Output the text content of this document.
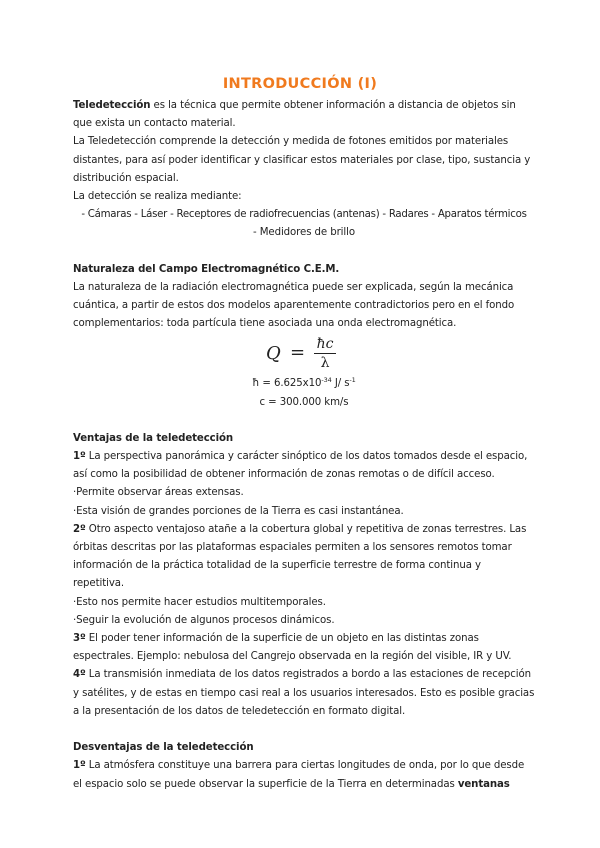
INTRODUCCIÓN (I)

Teledetección es la técnica que permite obtener información a distancia de objetos sin que exista un contacto material.

La Teledetección comprende la detección y medida de fotones emitidos por materiales distantes, para así poder identificar y clasificar estos materiales por clase, tipo, sustancia y distribución espacial.

La detección se realiza mediante:

- Cámaras - Láser - Receptores de radiofrecuencias (antenas) - Radares - Aparatos térmicos

- Medidores de brillo

Naturaleza del Campo Electromagnético C.E.M.

La naturaleza de la radiación electromagnética puede ser explicada, según la mecánica cuántica, a partir de estos dos modelos aparentemente contradictorios pero en el fondo complementarios: toda partícula tiene asociada una onda electromagnética.

Q = ħc
λ

ħ = $6.625x10^{-34}$ J/ $s^{-1}$

c = 300.000 km/s

Ventajas de la teledetección

1º La perspectiva panorámica y carácter sinóptico de los datos tomados desde el espacio, así como la posibilidad de obtener información de zonas remotas o de difícil acceso.

·Permite observar áreas extensas.

·Esta visión de grandes porciones de la Tierra es casi instantánea.

2º Otro aspecto ventajoso atañe a la cobertura global y repetitiva de zonas terrestres. Las órbitas descritas por las plataformas espaciales permiten a los sensores remotos tomar información de la práctica totalidad de la superficie terrestre de forma continua y repetitiva.

·Esto nos permite hacer estudios multitemporales.

·Seguir la evolución de algunos procesos dinámicos.

3º El poder tener información de la superficie de un objeto en las distintas zonas espectrales. Ejemplo: nebulosa del Cangrejo observada en la región del visible, IR y UV.

4º La transmisión inmediata de los datos registrados a bordo a las estaciones de recepción y satélites, y de estas en tiempo casi real a los usuarios interesados. Esto es posible gracias a la presentación de los datos de teledetección en formato digital.

Desventajas de la teledetección

1º La atmósfera constituye una barrera para ciertas longitudes de onda, por lo que desde el espacio solo se puede observar la superficie de la Tierra en determinadas ventanas
